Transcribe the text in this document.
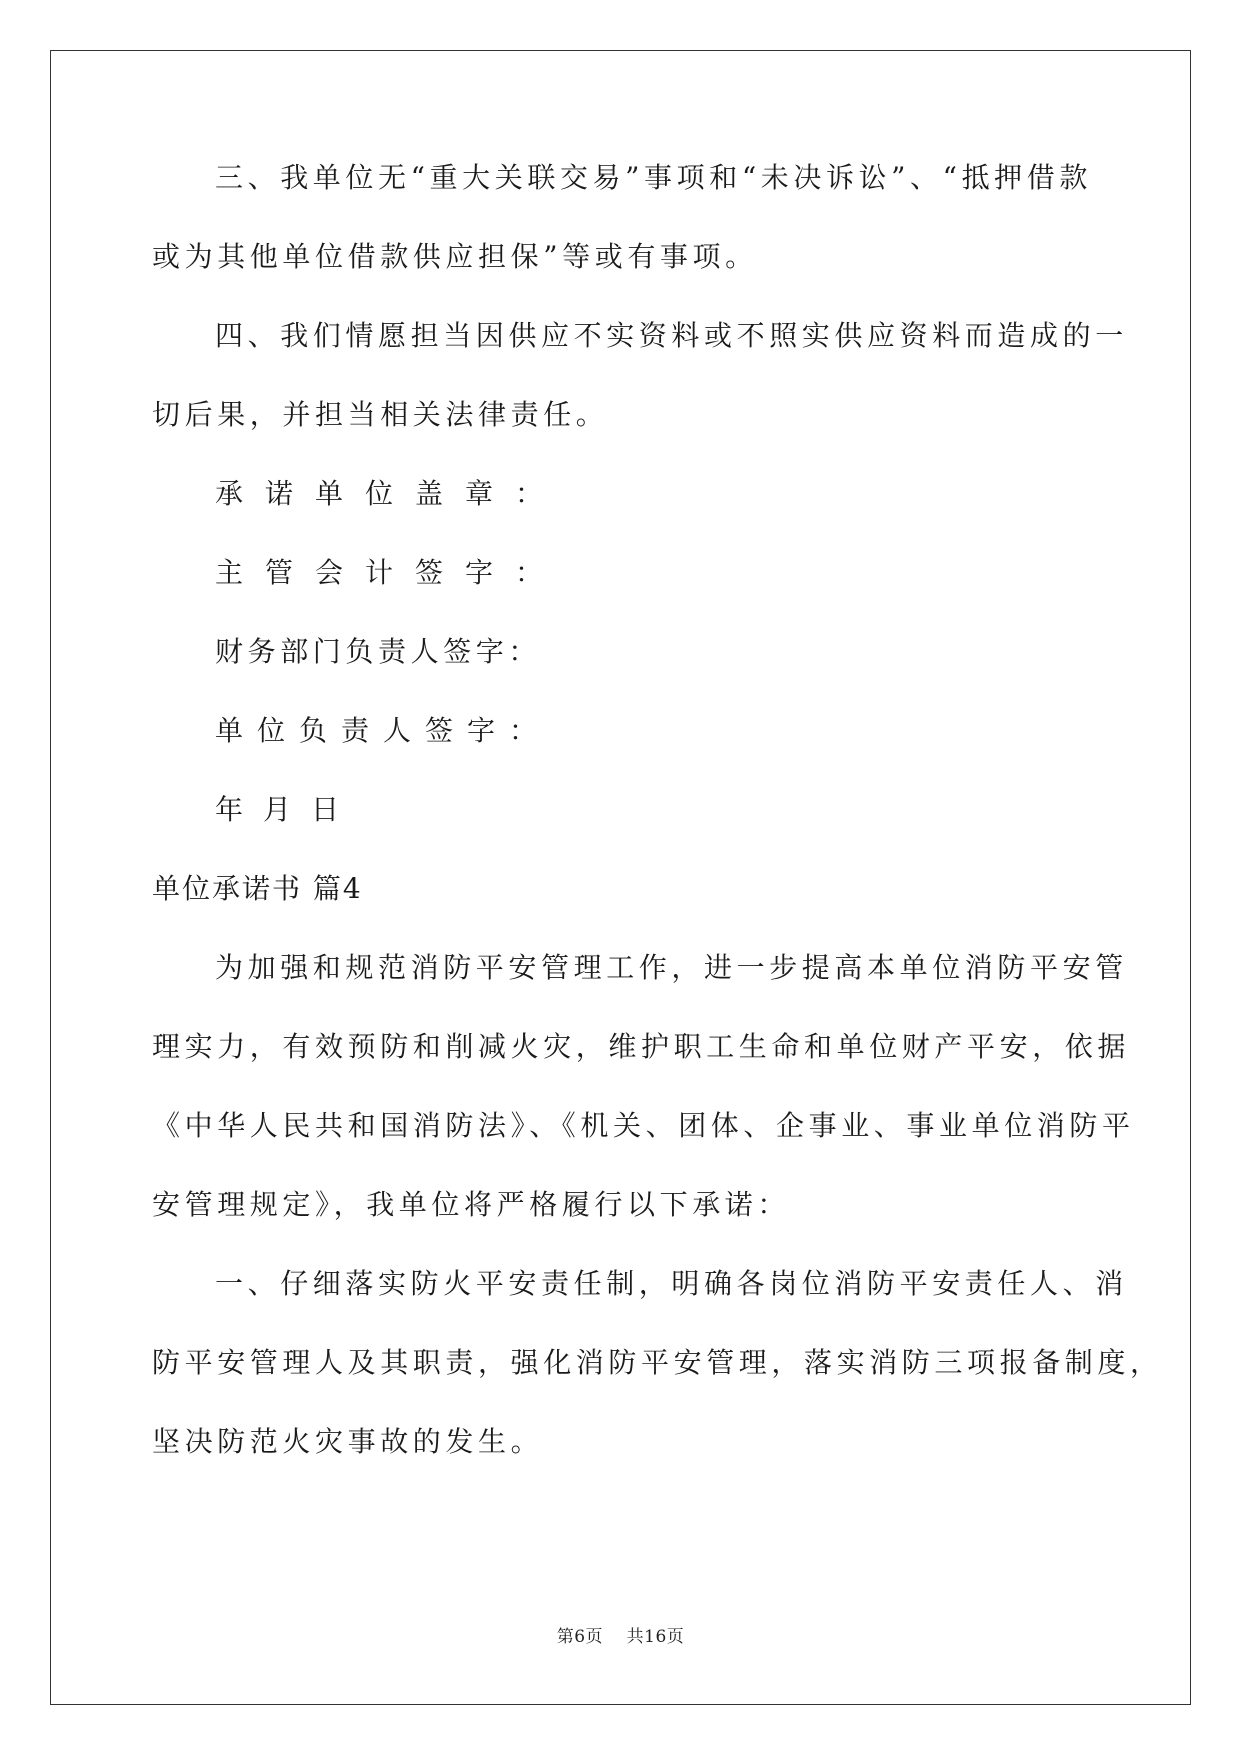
三、我单位无“重大关联交易”事项和“未决诉讼”、“抵押借款
或为其他单位借款供应担保”等或有事项。
四、我们情愿担当因供应不实资料或不照实供应资料而造成的一
切后果，并担当相关法律责任。
承诺单位盖章：
主管会计签字：
财务部门负责人签字：
单位负责人签字：
年月日
单位承诺书 篇4
为加强和规范消防平安管理工作，进一步提高本单位消防平安管
理实力，有效预防和削减火灾，维护职工生命和单位财产平安，依据
《中华人民共和国消防法》、《机关、团体、企事业、事业单位消防平
安管理规定》，我单位将严格履行以下承诺：
一、仔细落实防火平安责任制，明确各岗位消防平安责任人、消
防平安管理人及其职责，强化消防平安管理，落实消防三项报备制度，
坚决防范火灾事故的发生。
第6页 共16页
